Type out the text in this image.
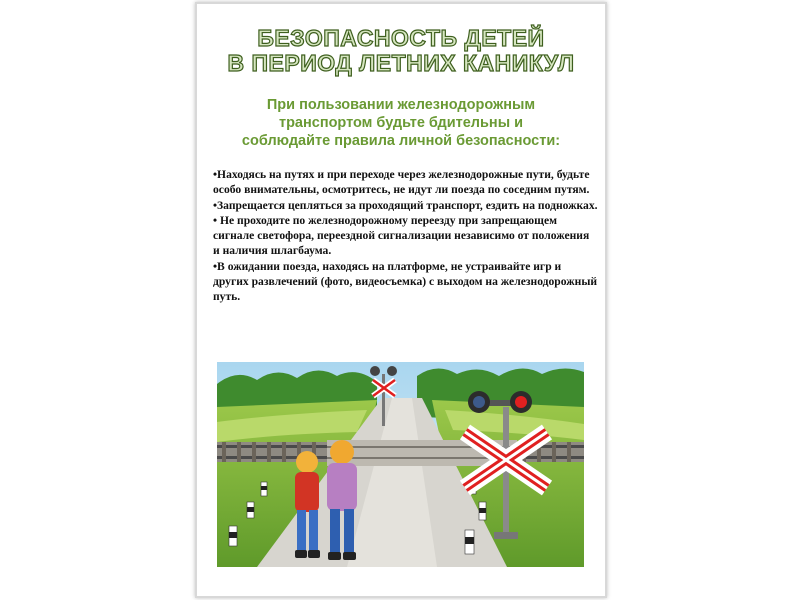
БЕЗОПАСНОСТЬ ДЕТЕЙ
В ПЕРИОД ЛЕТНИХ КАНИКУЛ
При пользовании железнодорожным
транспортом будьте бдительны и
соблюдайте правила личной безопасности:

•Находясь на путях и при переходе через железнодорожные пути, будьте особо внимательны, осмотритесь, не идут ли поезда по соседним путям.

•Запрещается цепляться за проходящий транспорт, ездить на подножках.

• Не проходите по железнодорожному переезду при запрещающем сигнале светофора, переездной сигнализации независимо от положения и наличия шлагбаума.

•В ожидании поезда, находясь на платформе, не устраивайте игр и других развлечений (фото, видеосъемка) с выходом на железнодорожный путь.
